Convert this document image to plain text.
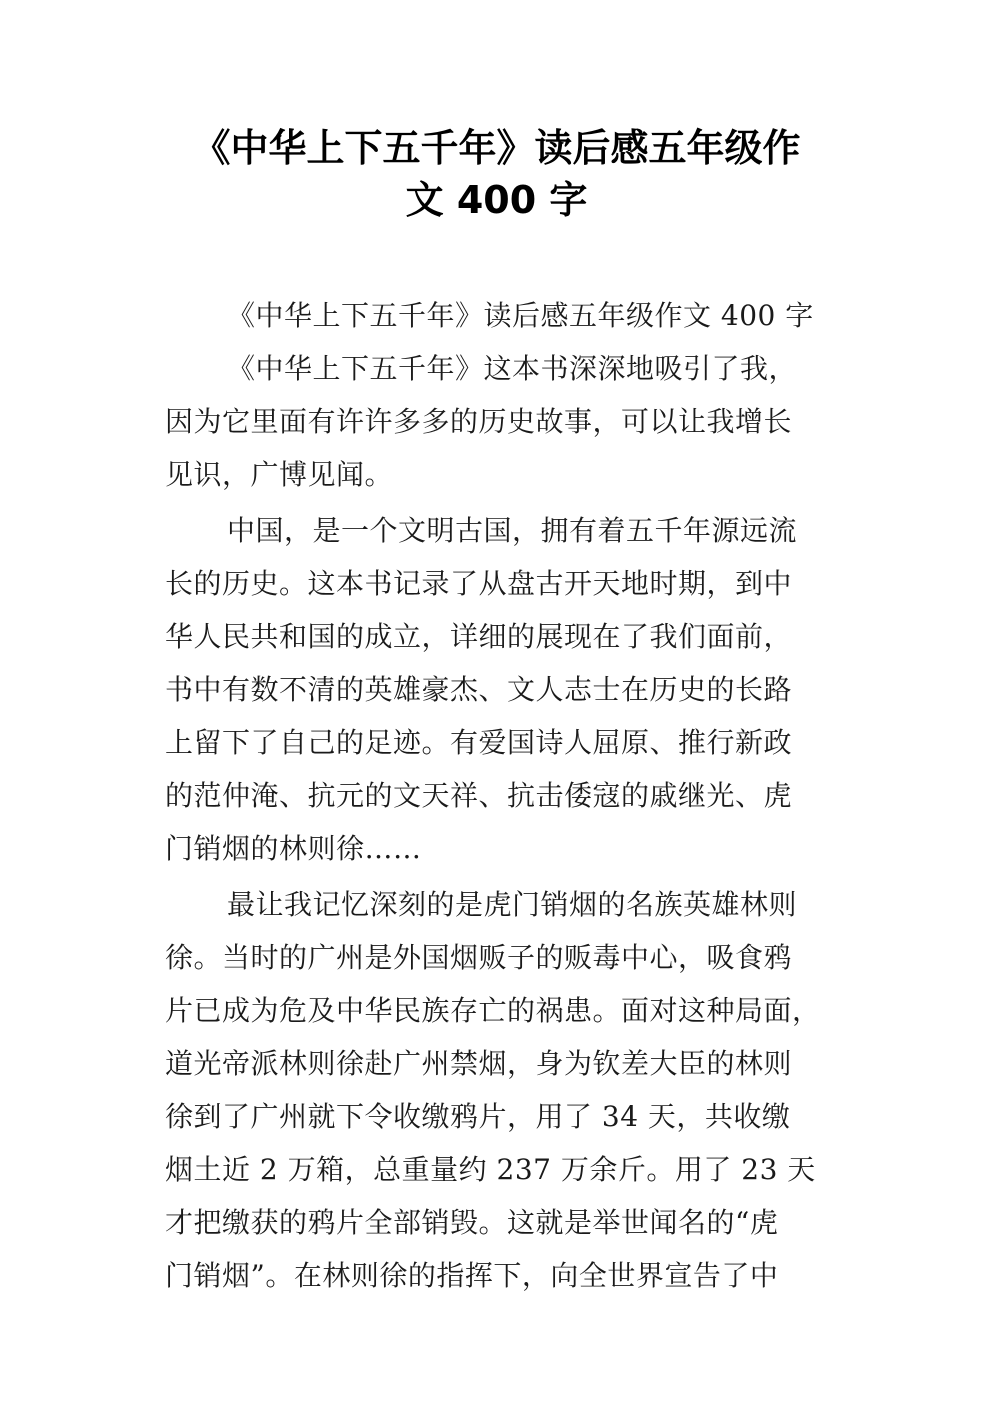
《中华上下五千年》读后感五年级作
文 400 字
《中华上下五千年》读后感五年级作文 400 字
《中华上下五千年》这本书深深地吸引了我，
因为它里面有许许多多的历史故事，可以让我增长
见识，广博见闻。
中国，是一个文明古国，拥有着五千年源远流
长的历史。这本书记录了从盘古开天地时期，到中
华人民共和国的成立，详细的展现在了我们面前，
书中有数不清的英雄豪杰、文人志士在历史的长路
上留下了自己的足迹。有爱国诗人屈原、推行新政
的范仲淹、抗元的文天祥、抗击倭寇的戚继光、虎
门销烟的林则徐……
最让我记忆深刻的是虎门销烟的名族英雄林则
徐。当时的广州是外国烟贩子的贩毒中心，吸食鸦
片已成为危及中华民族存亡的祸患。面对这种局面，
道光帝派林则徐赴广州禁烟，身为钦差大臣的林则
徐到了广州就下令收缴鸦片，用了 34 天，共收缴
烟土近 2 万箱，总重量约 237 万余斤。用了 23 天
才把缴获的鸦片全部销毁。这就是举世闻名的“虎
门销烟”。在林则徐的指挥下，向全世界宣告了中
